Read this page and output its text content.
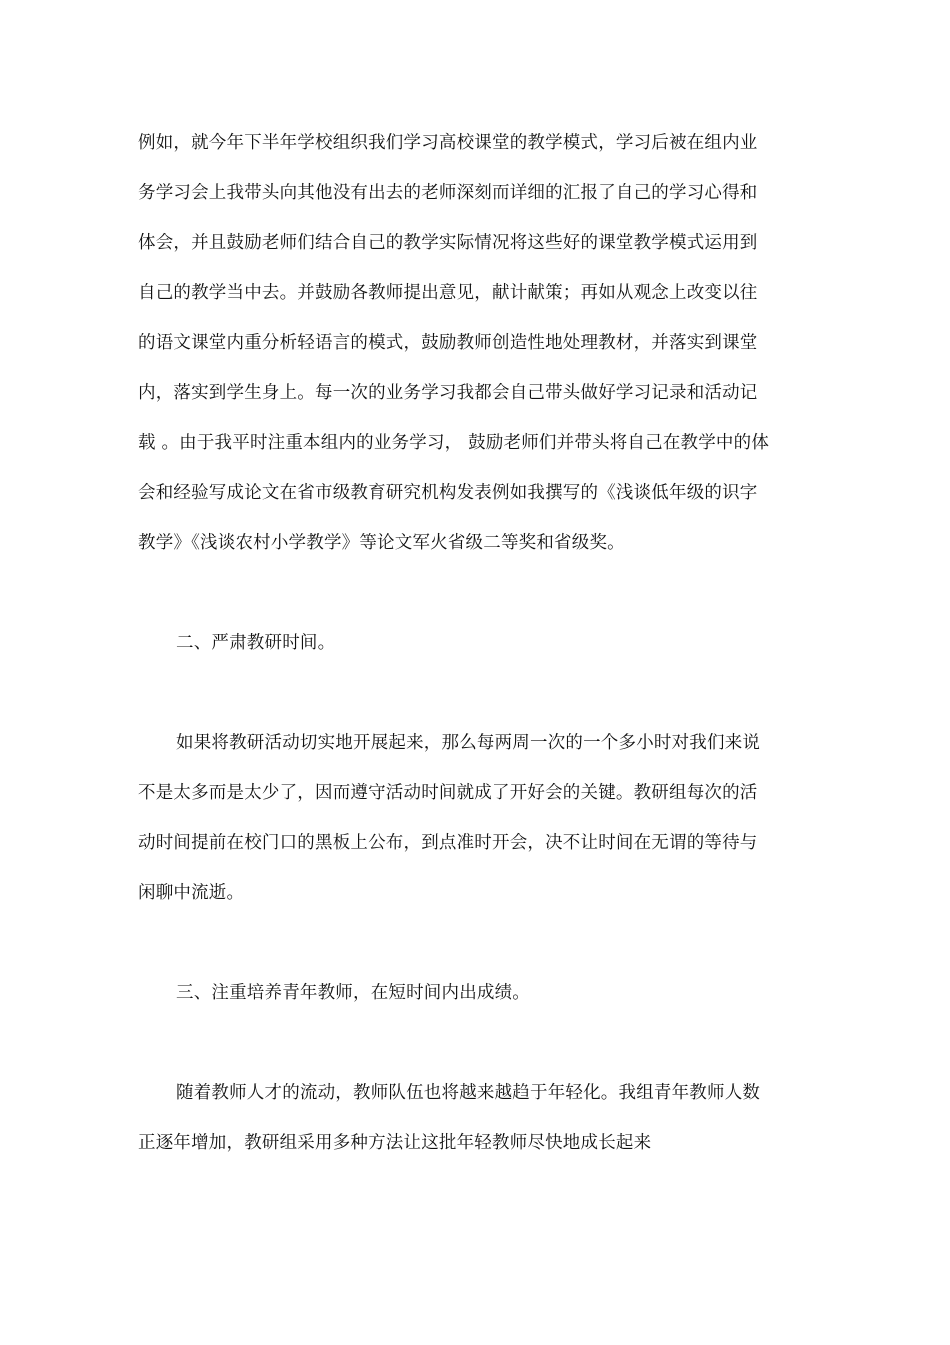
例如，就今年下半年学校组织我们学习高校课堂的教学模式，学习后被在组内业
务学习会上我带头向其他没有出去的老师深刻而详细的汇报了自己的学习心得和
体会，并且鼓励老师们结合自己的教学实际情况将这些好的课堂教学模式运用到
自己的教学当中去。并鼓励各教师提出意见，献计献策；再如从观念上改变以往
的语文课堂内重分析轻语言的模式，鼓励教师创造性地处理教材，并落实到课堂
内，落实到学生身上。每一次的业务学习我都会自己带头做好学习记录和活动记
载 。由于我平时注重本组内的业务学习， 鼓励老师们并带头将自己在教学中的体
会和经验写成论文在省市级教育研究机构发表例如我撰写的《浅谈低年级的识字
教学》《浅谈农村小学教学》等论文军火省级二等奖和省级奖。
二、严肃教研时间。
如果将教研活动切实地开展起来，那么每两周一次的一个多小时对我们来说
不是太多而是太少了，因而遵守活动时间就成了开好会的关键。教研组每次的活
动时间提前在校门口的黑板上公布，到点准时开会，决不让时间在无谓的等待与
闲聊中流逝。
三、注重培养青年教师，在短时间内出成绩。
随着教师人才的流动，教师队伍也将越来越趋于年轻化。我组青年教师人数
正逐年增加，教研组采用多种方法让这批年轻教师尽快地成长起来
